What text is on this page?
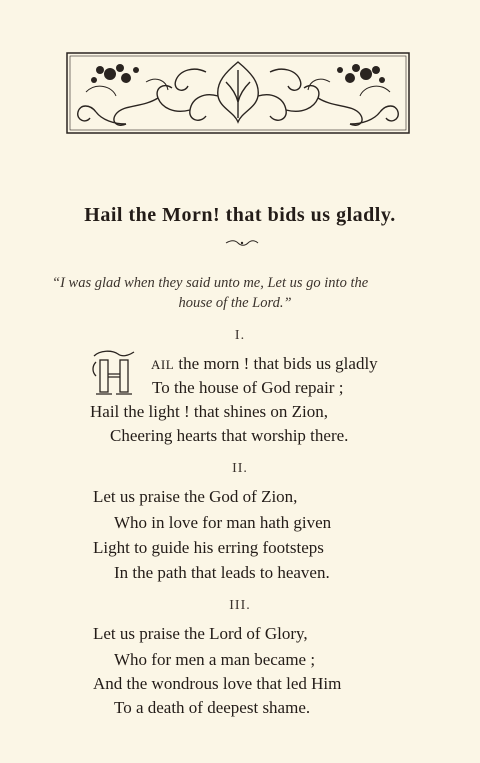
Hail the Morn! that bids us gladly.
“I was glad when they said unto me, Let us go into the
house of the Lord.”
I.
AIL the morn ! that bids us gladly
To the house of God repair ;
Hail the light ! that shines on Zion,
Cheering hearts that worship there.
II.
Let us praise the God of Zion,
Who in love for man hath given
Light to guide his erring footsteps
In the path that leads to heaven.
III.
Let us praise the Lord of Glory,
Who for men a man became ;
And the wondrous love that led Him
To a death of deepest shame.
